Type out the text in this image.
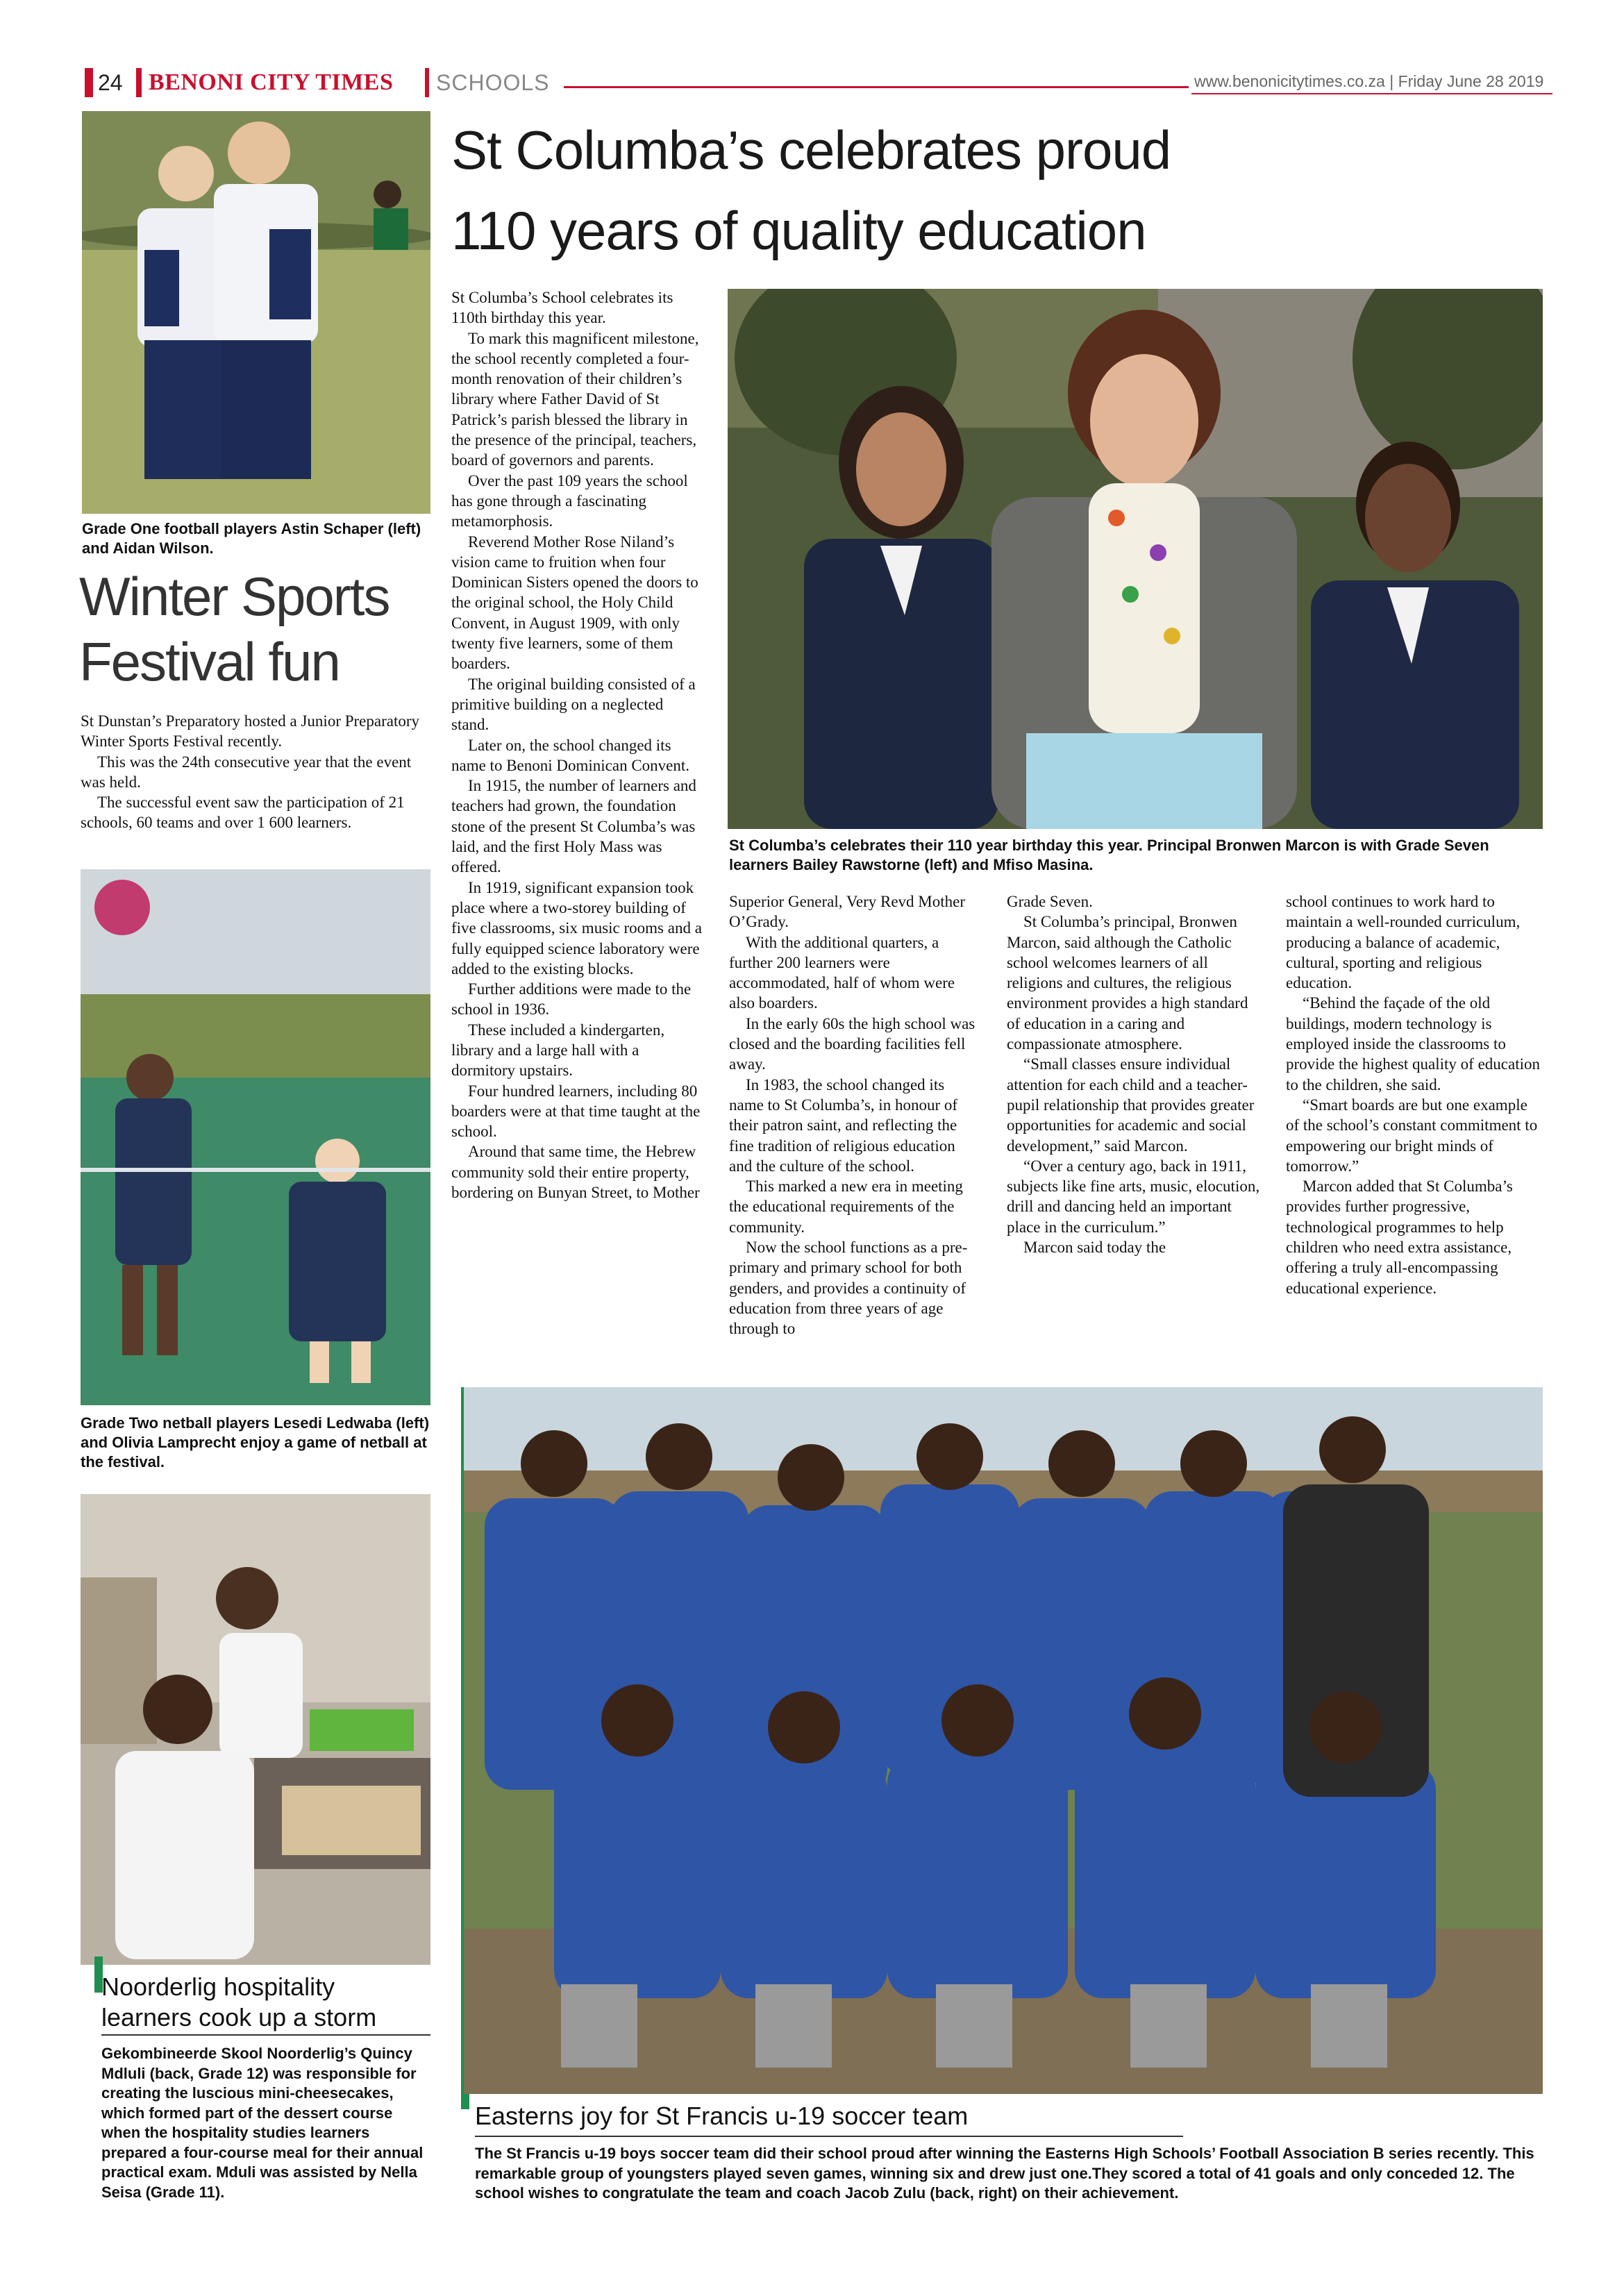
24 BENONI CITY TIMES SCHOOLS	www.benonicitytimes.co.za | Friday June 28 2019
St Columba’s celebrates proud
110 years of quality education
Grade One football players Astin Schaper (left) and Aidan Wilson.
Winter Sports
Festival fun

St Dunstan’s Preparatory hosted a Junior Preparatory Winter Sports Festival recently.

This was the 24th consecutive year that the event was held.

The successful event saw the participation of 21 schools, 60 teams and over 1 600 learners.

Grade Two netball players Lesedi Ledwaba (left) and Olivia Lamprecht enjoy a game of netball at the festival.
Noorderlig hospitality
learners cook up a storm
Gekombineerde Skool Noorderlig’s Quincy Mdluli (back, Grade 12) was responsible for creating the luscious mini-cheesecakes, which formed part of the dessert course when the hospitality studies learners prepared a four-course meal for their annual practical exam. Mduli was assisted by Nella Seisa (Grade 11).

St Columba’s School celebrates its 110th birthday this year.

To mark this magnificent milestone, the school recently completed a four-month renovation of their children’s library where Father David of St Patrick’s parish blessed the library in the presence of the principal, teachers, board of governors and parents.

Over the past 109 years the school has gone through a fascinating metamorphosis.

Reverend Mother Rose Niland’s vision came to fruition when four Dominican Sisters opened the doors to the original school, the Holy Child Convent, in August 1909, with only twenty five learners, some of them boarders.

The original building consisted of a primitive building on a neglected stand.

Later on, the school changed its name to Benoni Dominican Convent.

In 1915, the number of learners and teachers had grown, the foundation stone of the present St Columba’s was laid, and the first Holy Mass was offered.

In 1919, significant expansion took place where a two-storey building of five classrooms, six music rooms and a fully equipped science laboratory were added to the existing blocks.

Further additions were made to the school in 1936.

These included a kindergarten, library and a large hall with a dormitory upstairs.

Four hundred learners, including 80 boarders were at that time taught at the school.

Around that same time, the Hebrew community sold their entire property, bordering on Bunyan Street, to Mother

St Columba’s celebrates their 110 year birthday this year. Principal Bronwen Marcon is with Grade Seven learners Bailey Rawstorne (left) and Mfiso Masina.

Superior General, Very Revd Mother O’Grady.

With the additional quarters, a further 200 learners were accommodated, half of whom were also boarders.

In the early 60s the high school was closed and the boarding facilities fell away.

In 1983, the school changed its name to St Columba’s, in honour of their patron saint, and reflecting the fine tradition of religious education and the culture of the school.

This marked a new era in meeting the educational requirements of the community.

Now the school functions as a pre-primary and primary school for both genders, and provides a continuity of education from three years of age through to

Grade Seven.

St Columba’s principal, Bronwen Marcon, said although the Catholic school welcomes learners of all religions and cultures, the religious environment provides a high standard of education in a caring and compassionate atmosphere.

“Small classes ensure individual attention for each child and a teacher-pupil relationship that provides greater opportunities for academic and social development,” said Marcon.

“Over a century ago, back in 1911, subjects like fine arts, music, elocution, drill and dancing held an important place in the curriculum.”

Marcon said today the

school continues to work hard to maintain a well-rounded curriculum, producing a balance of academic, cultural, sporting and religious education.

“Behind the façade of the old buildings, modern technology is employed inside the classrooms to provide the highest quality of education to the children, she said.

“Smart boards are but one example of the school’s constant commitment to empowering our bright minds of tomorrow.”

Marcon added that St Columba’s provides further progressive, technological programmes to help children who need extra assistance, offering a truly all-encompassing educational experience.

Easterns joy for St Francis u-19 soccer team
The St Francis u-19 boys soccer team did their school proud after winning the Easterns High Schools’ Football Association B series recently. This remarkable group of youngsters played seven games, winning six and drew just one.They scored a total of 41 goals and only conceded 12. The school wishes to congratulate the team and coach Jacob Zulu (back, right) on their achievement.
